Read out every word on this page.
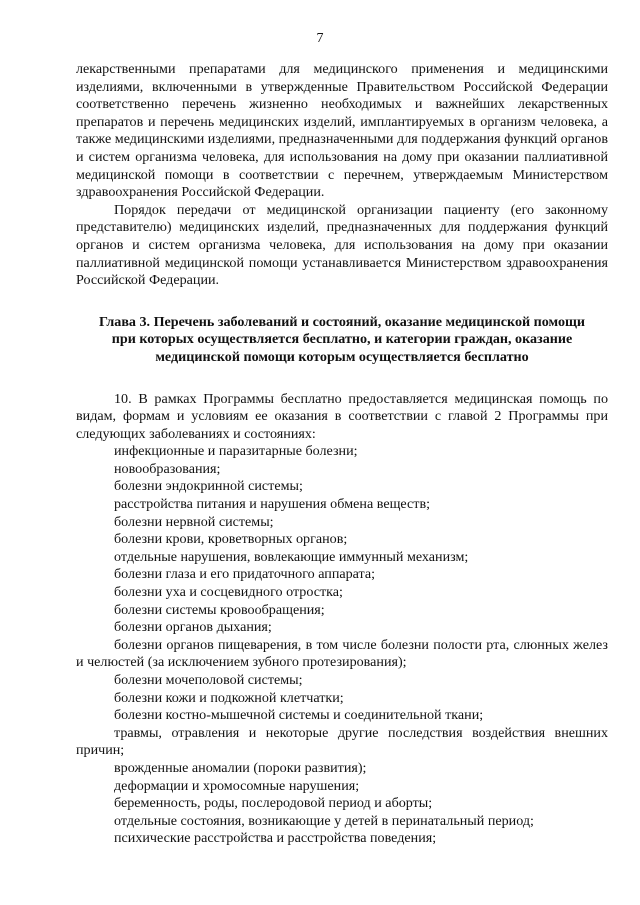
7

лекарственными препаратами для медицинского применения и медицинскими изделиями, включенными в утвержденные Правительством Российской Федерации соответственно перечень жизненно необходимых и важнейших лекарственных препаратов и перечень медицинских изделий, имплантируемых в организм человека, а также медицинскими изделиями, предназначенными для поддержания функций органов и систем организма человека, для использования на дому при оказании паллиативной медицинской помощи в соответствии с перечнем, утверждаемым Министерством здравоохранения Российской Федерации.

Порядок передачи от медицинской организации пациенту (его законному представителю) медицинских изделий, предназначенных для поддержания функций органов и систем организма человека, для использования на дому при оказании паллиативной медицинской помощи устанавливается Министерством здравоохранения Российской Федерации.

Глава 3. Перечень заболеваний и состояний, оказание медицинской помощи
при которых осуществляется бесплатно, и категории граждан, оказание
медицинской помощи которым осуществляется бесплатно

10. В рамках Программы бесплатно предоставляется медицинская помощь по видам, формам и условиям ее оказания в соответствии с главой 2 Программы при следующих заболеваниях и состояниях:

инфекционные и паразитарные болезни;
новообразования;
болезни эндокринной системы;
расстройства питания и нарушения обмена веществ;
болезни нервной системы;
болезни крови, кроветворных органов;
отдельные нарушения, вовлекающие иммунный механизм;
болезни глаза и его придаточного аппарата;
болезни уха и сосцевидного отростка;
болезни системы кровообращения;
болезни органов дыхания;
болезни органов пищеварения, в том числе болезни полости рта, слюнных желез и челюстей (за исключением зубного протезирования);
болезни мочеполовой системы;
болезни кожи и подкожной клетчатки;
болезни костно-мышечной системы и соединительной ткани;
травмы, отравления и некоторые другие последствия воздействия внешних причин;
врожденные аномалии (пороки развития);
деформации и хромосомные нарушения;
беременность, роды, послеродовой период и аборты;
отдельные состояния, возникающие у детей в перинатальный период;
психические расстройства и расстройства поведения;
